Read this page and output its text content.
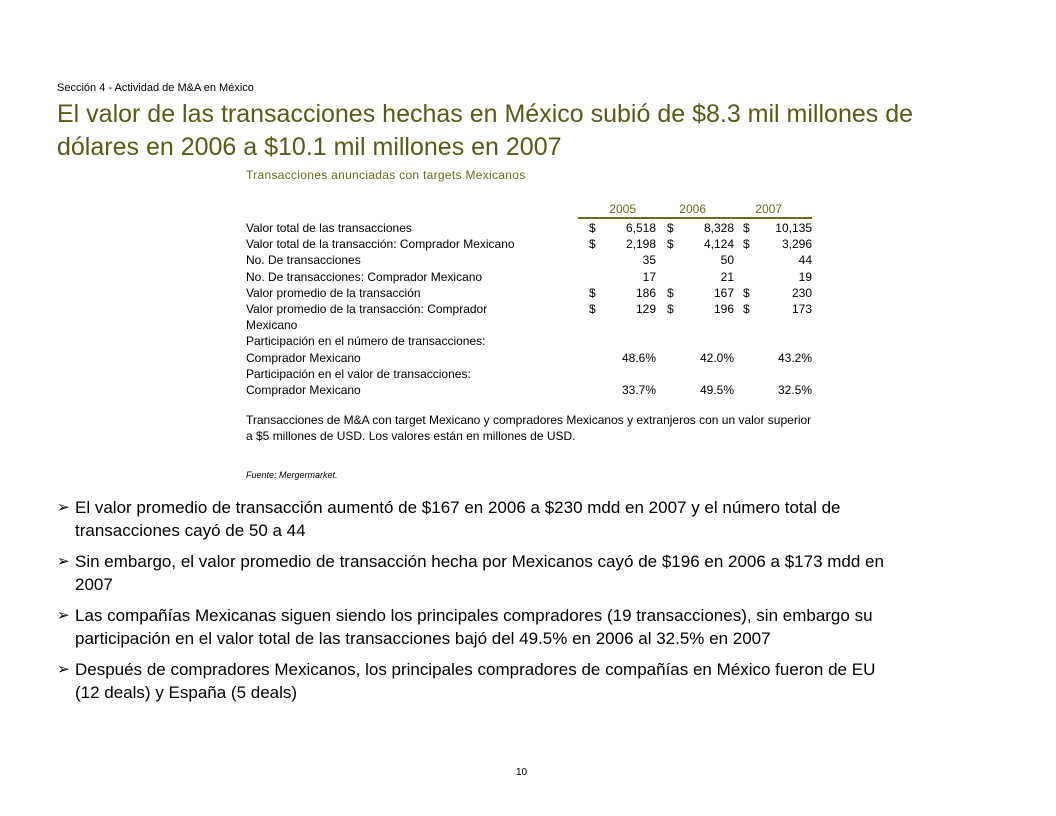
Sección 4 - Actividad de M&A en México
El valor de las transacciones hechas en México subió de $8.3 mil millones de dólares en 2006 a $10.1 mil millones en 2007
Transacciones anunciadas con targets Mexicanos
2005	2006	2007
Valor total de las transacciones	$	6,518 $	8,328 $ 10,135
Valor total de la transacción: Comprador Mexicano	$	2,198 $	4,124 $	3,296
No. De transacciones	35	50	44
No. De transacciones: Comprador Mexicano	17	21	19
Valor promedio de la transacción	$	186 $	167 $	230
Valor promedio de la transacción: Comprador	$	129 $	196 $	173
Mexicano
Participación en el número de transacciones:
Comprador Mexicano	48.6%	42.0%	43.2%
Participación en el valor de transacciones:
Comprador Mexicano	33.7%	49.5%	32.5%
Transacciones de M&A con target Mexicano y compradores Mexicanos y extranjeros con un valor superior a $5 millones de USD. Los valores están en millones de USD.
Fuente: Mergermarket.
➢ El valor promedio de transacción aumentó de $167 en 2006 a $230 mdd en 2007 y el número total de transacciones cayó de 50 a 44
➢ Sin embargo, el valor promedio de transacción hecha por Mexicanos cayó de $196 en 2006 a $173 mdd en 2007
➢ Las compañías Mexicanas siguen siendo los principales compradores (19 transacciones), sin embargo su participación en el valor total de las transacciones bajó del 49.5% en 2006 al 32.5% en 2007
➢ Después de compradores Mexicanos, los principales compradores de compañías en México fueron de EU (12 deals) y España (5 deals)
10
